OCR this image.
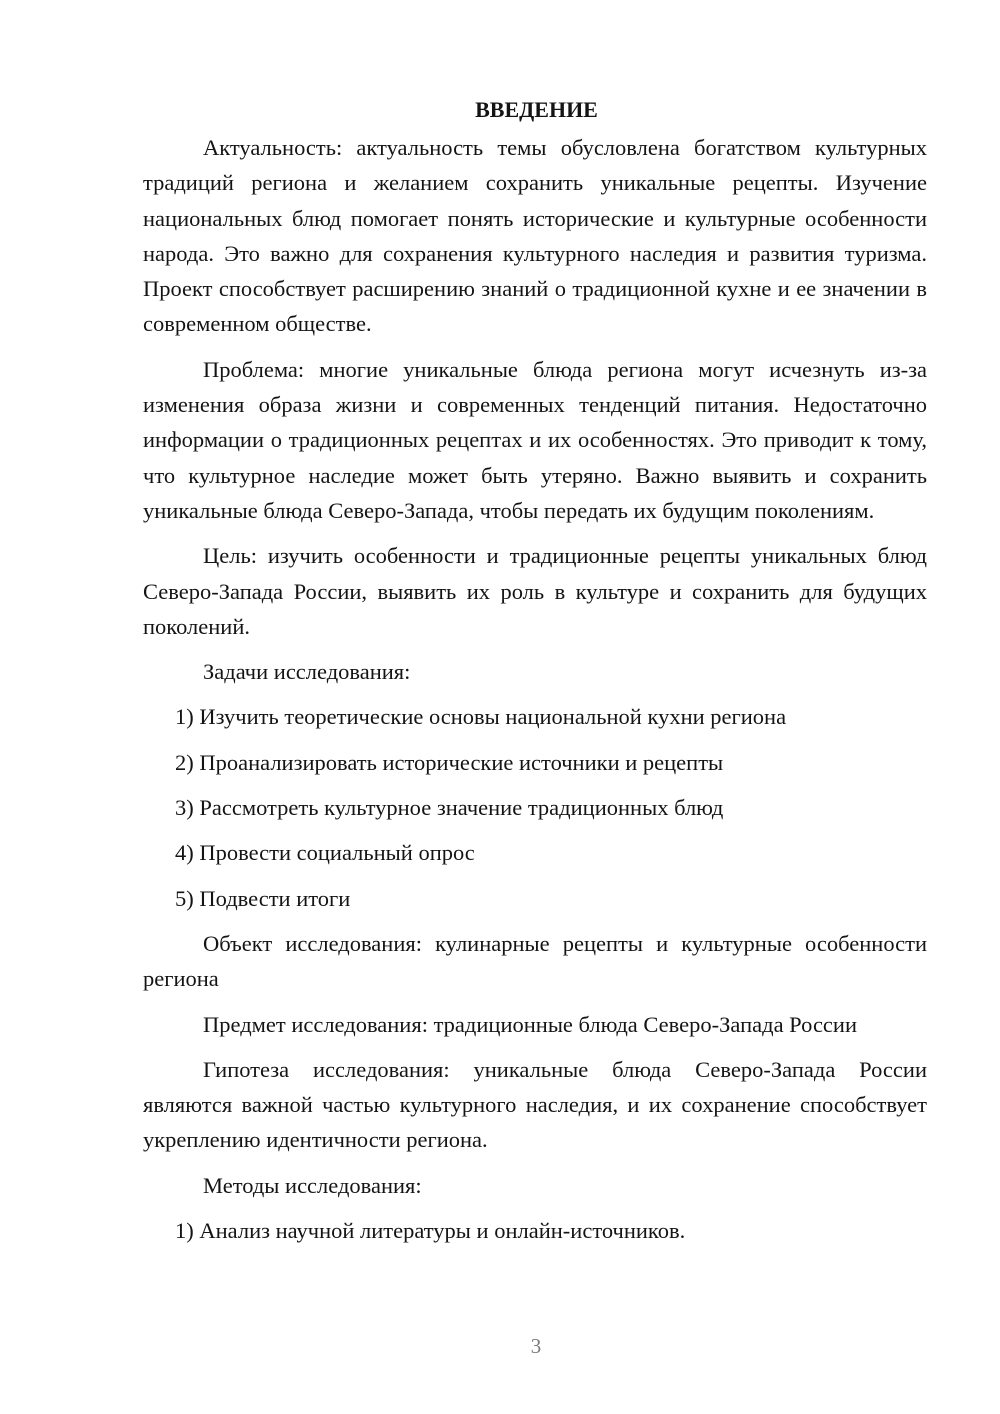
ВВЕДЕНИЕ

Актуальность: актуальность темы обусловлена богатством культурных традиций региона и желанием сохранить уникальные рецепты. Изучение национальных блюд помогает понять исторические и культурные особенности народа. Это важно для сохранения культурного наследия и развития туризма. Проект способствует расширению знаний о традиционной кухне и ее значении в современном обществе.

Проблема: многие уникальные блюда региона могут исчезнуть из-за изменения образа жизни и современных тенденций питания. Недостаточно информации о традиционных рецептах и их особенностях. Это приводит к тому, что культурное наследие может быть утеряно. Важно выявить и сохранить уникальные блюда Северо-Запада, чтобы передать их будущим поколениям.

Цель: изучить особенности и традиционные рецепты уникальных блюд Северо-Запада России, выявить их роль в культуре и сохранить для будущих поколений.

Задачи исследования:

1) Изучить теоретические основы национальной кухни региона

2) Проанализировать исторические источники и рецепты

3) Рассмотреть культурное значение традиционных блюд

4) Провести социальный опрос

5) Подвести итоги

Объект исследования: кулинарные рецепты и культурные особенности региона

Предмет исследования: традиционные блюда Северо-Запада России

Гипотеза исследования: уникальные блюда Северо-Запада России являются важной частью культурного наследия, и их сохранение способствует укреплению идентичности региона.

Методы исследования:

1) Анализ научной литературы и онлайн-источников.

3
